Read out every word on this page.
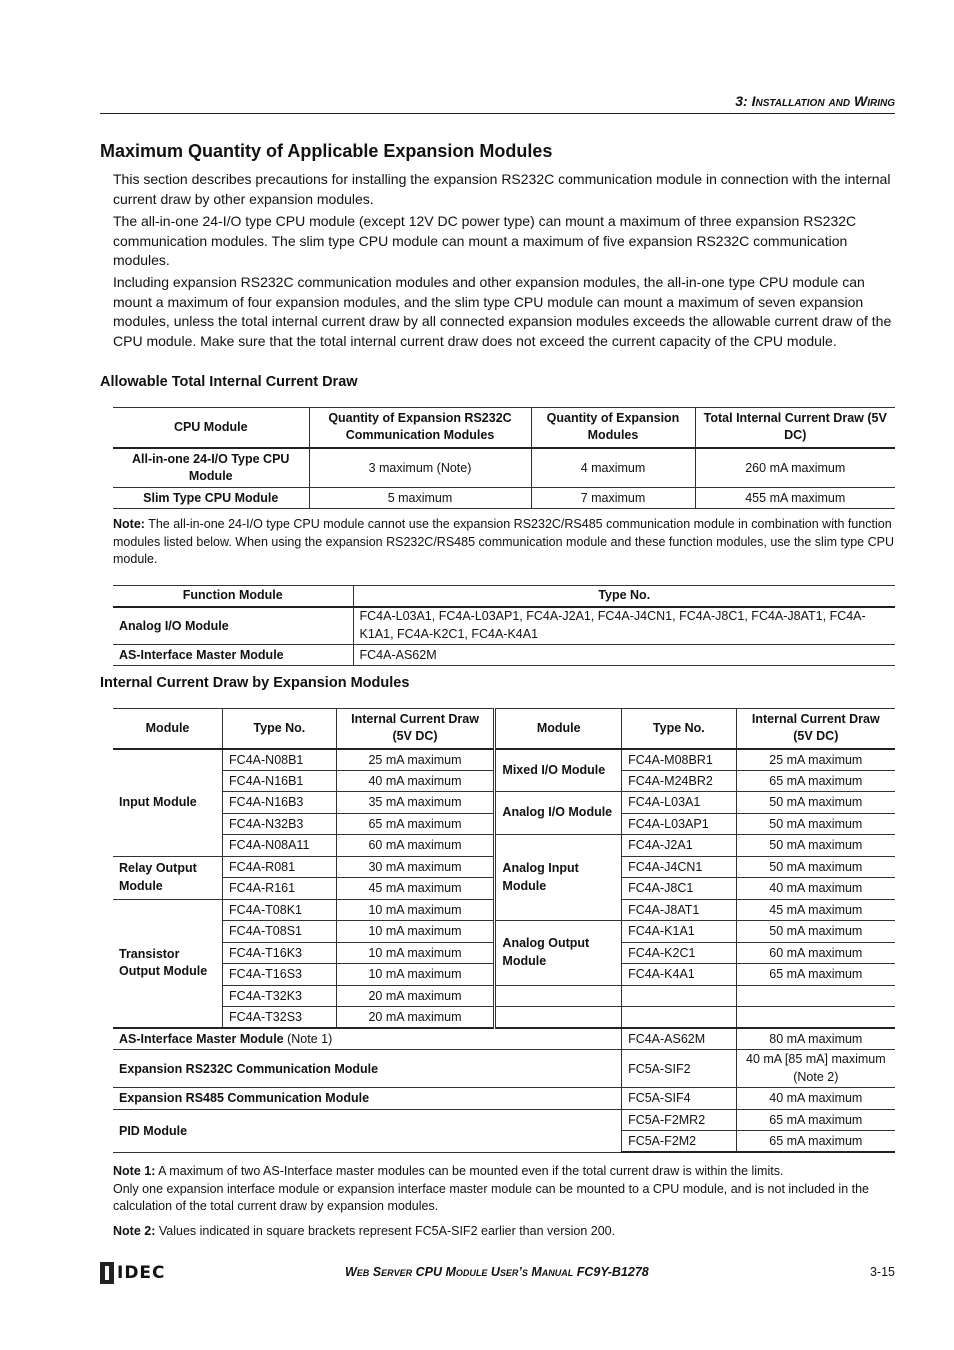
3: Installation and Wiring
Maximum Quantity of Applicable Expansion Modules

This section describes precautions for installing the expansion RS232C communication module in connection with the internal current draw by other expansion modules.

The all-in-one 24-I/O type CPU module (except 12V DC power type) can mount a maximum of three expansion RS232C communication modules. The slim type CPU module can mount a maximum of five expansion RS232C communication modules.

Including expansion RS232C communication modules and other expansion modules, the all-in-one type CPU module can mount a maximum of four expansion modules, and the slim type CPU module can mount a maximum of seven expansion modules, unless the total internal current draw by all connected expansion modules exceeds the allowable current draw of the CPU module. Make sure that the total internal current draw does not exceed the current capacity of the CPU module.

Allowable Total Internal Current Draw
CPU Module	Quantity of Expansion RS232C Communication Modules	Quantity of Expansion Modules	Total Internal Current Draw (5V DC)
All-in-one 24-I/O Type CPU Module	3 maximum (Note)	4 maximum	260 mA maximum
Slim Type CPU Module	5 maximum	7 maximum	455 mA maximum

Note: The all-in-one 24-I/O type CPU module cannot use the expansion RS232C/RS485 communication module in combination with function modules listed below. When using the expansion RS232C/RS485 communication module and these function modules, use the slim type CPU module.

Function Module	Type No.
Analog I/O Module	FC4A-L03A1, FC4A-L03AP1, FC4A-J2A1, FC4A-J4CN1, FC4A-J8C1, FC4A-J8AT1, FC4A-K1A1, FC4A-K2C1, FC4A-K4A1
AS-Interface Master Module	FC4A-AS62M
Internal Current Draw by Expansion Modules
Module	Type No.	Internal Current Draw (5V DC)	Module	Type No.	Internal Current Draw (5V DC)
Input Module	FC4A-N08B1	25 mA maximum	Mixed I/O Module	FC4A-M08BR1	25 mA maximum
	FC4A-N16B1	40 mA maximum		FC4A-M24BR2	65 mA maximum
	FC4A-N16B3	35 mA maximum	Analog I/O Module	FC4A-L03A1	50 mA maximum
	FC4A-N32B3	65 mA maximum		FC4A-L03AP1	50 mA maximum
	FC4A-N08A11	60 mA maximum	Analog Input Module	FC4A-J2A1	50 mA maximum
Relay Output Module	FC4A-R081	30 mA maximum		FC4A-J4CN1	50 mA maximum
	FC4A-R161	45 mA maximum		FC4A-J8C1	40 mA maximum
Transistor Output Module	FC4A-T08K1	10 mA maximum		FC4A-J8AT1	45 mA maximum
	FC4A-T08S1	10 mA maximum	Analog Output Module	FC4A-K1A1	50 mA maximum
	FC4A-T16K3	10 mA maximum		FC4A-K2C1	60 mA maximum
	FC4A-T16S3	10 mA maximum		FC4A-K4A1	65 mA maximum
	FC4A-T32K3	20 mA maximum			
	FC4A-T32S3	20 mA maximum			
AS-Interface Master Module (Note 1)				FC4A-AS62M	80 mA maximum
Expansion RS232C Communication Module				FC5A-SIF2	40 mA [85 mA] maximum (Note 2)
Expansion RS485 Communication Module				FC5A-SIF4	40 mA maximum
PID Module				FC5A-F2MR2	65 mA maximum
				FC5A-F2M2	65 mA maximum

Note 1: A maximum of two AS-Interface master modules can be mounted even if the total current draw is within the limits.
Only one expansion interface module or expansion interface master module can be mounted to a CPU module, and is not included in the calculation of the total current draw by expansion modules.

Note 2: Values indicated in square brackets represent FC5A-SIF2 earlier than version 200.

IDEC	Web Server CPU Module User’s Manual FC9Y-B1278	3-15
